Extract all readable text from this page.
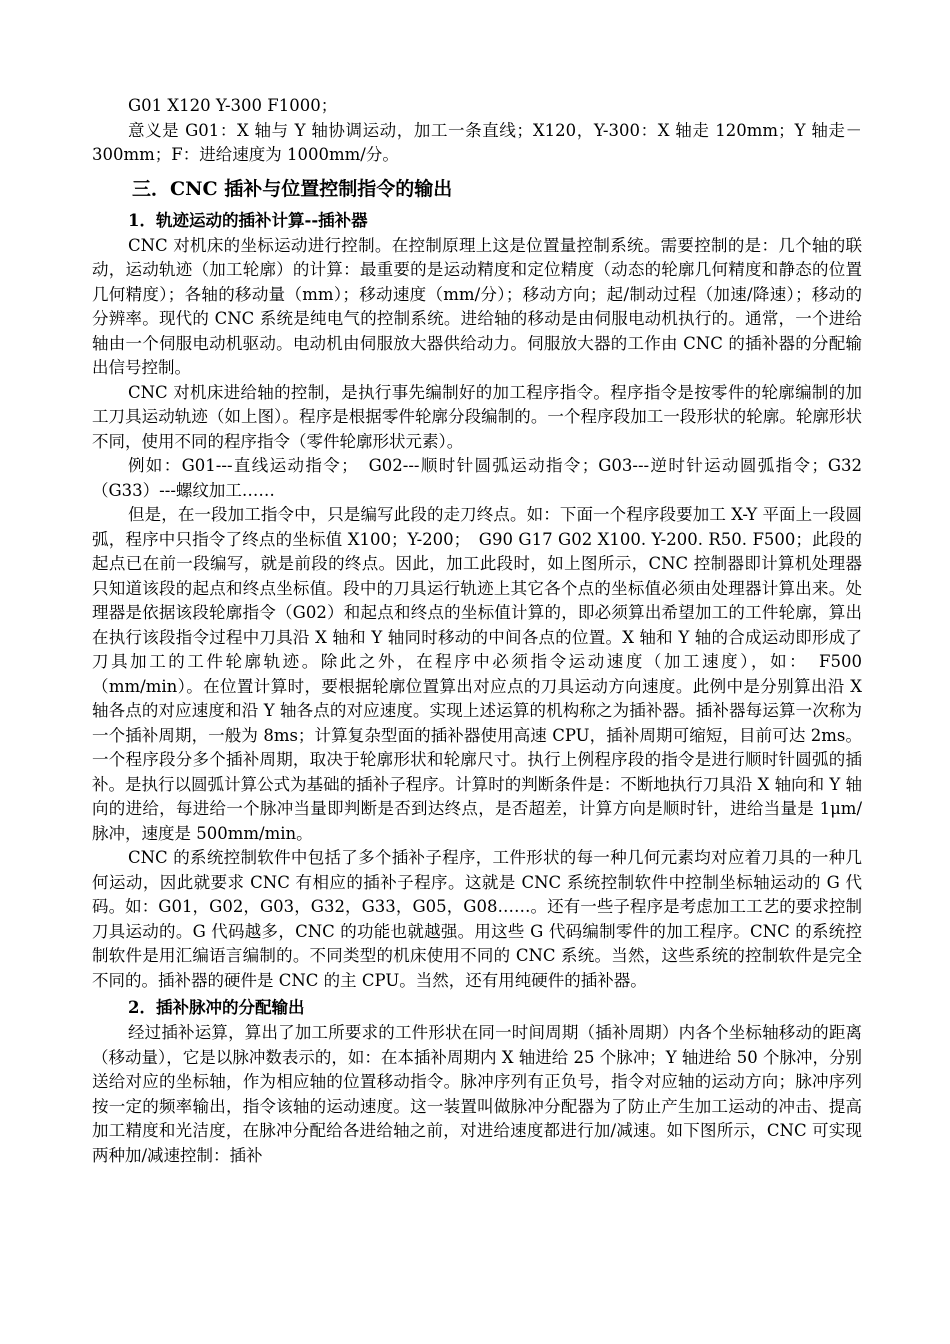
G01 X120 Y-300 F1000；

意义是 G01：X 轴与 Y 轴协调运动，加工一条直线；X120，Y-300：X 轴走 120mm；Y 轴走－300mm；F：进给速度为 1000mm/分。

三．CNC 插补与位置控制指令的输出
1．轨迹运动的插补计算--插补器

CNC 对机床的坐标运动进行控制。在控制原理上这是位置量控制系统。需要控制的是：几个轴的联动，运动轨迹（加工轮廓）的计算：最重要的是运动精度和定位精度（动态的轮廓几何精度和静态的位置几何精度）；各轴的移动量（mm）；移动速度（mm/分）；移动方向；起/制动过程（加速/降速）；移动的分辨率。现代的 CNC 系统是纯电气的控制系统。进给轴的移动是由伺服电动机执行的。通常，一个进给轴由一个伺服电动机驱动。电动机由伺服放大器供给动力。伺服放大器的工作由 CNC 的插补器的分配输出信号控制。

CNC 对机床进给轴的控制，是执行事先编制好的加工程序指令。程序指令是按零件的轮廓编制的加工刀具运动轨迹（如上图）。程序是根据零件轮廓分段编制的。一个程序段加工一段形状的轮廓。轮廓形状不同，使用不同的程序指令（零件轮廓形状元素）。

例如：G01---直线运动指令；　G02---顺时针圆弧运动指令；G03---逆时针运动圆弧指令；G32（G33）---螺纹加工……

但是，在一段加工指令中，只是编写此段的走刀终点。如：下面一个程序段要加工 X-Y 平面上一段圆弧，程序中只指令了终点的坐标值 X100；Y-200；　G90 G17 G02 X100. Y-200. R50. F500；此段的起点已在前一段编写，就是前段的终点。因此，加工此段时，如上图所示，CNC 控制器即计算机处理器只知道该段的起点和终点坐标值。段中的刀具运行轨迹上其它各个点的坐标值必须由处理器计算出来。处理器是依据该段轮廓指令（G02）和起点和终点的坐标值计算的，即必须算出希望加工的工件轮廓，算出在执行该段指令过程中刀具沿 X 轴和 Y 轴同时移动的中间各点的位置。X 轴和 Y 轴的合成运动即形成了刀具加工的工件轮廓轨迹。除此之外，在程序中必须指令运动速度（加工速度），如：　F500（mm/min）。在位置计算时，要根据轮廓位置算出对应点的刀具运动方向速度。此例中是分别算出沿 X 轴各点的对应速度和沿 Y 轴各点的对应速度。实现上述运算的机构称之为插补器。插补器每运算一次称为一个插补周期，一般为 8ms；计算复杂型面的插补器使用高速 CPU，插补周期可缩短，目前可达 2ms。一个程序段分多个插补周期，取决于轮廓形状和轮廓尺寸。执行上例程序段的指令是进行顺时针圆弧的插补。是执行以圆弧计算公式为基础的插补子程序。计算时的判断条件是：不断地执行刀具沿 X 轴向和 Y 轴向的进给，每进给一个脉冲当量即判断是否到达终点，是否超差，计算方向是顺时针，进给当量是 1μm/脉冲，速度是 500mm/min。

CNC 的系统控制软件中包括了多个插补子程序，工件形状的每一种几何元素均对应着刀具的一种几何运动，因此就要求 CNC 有相应的插补子程序。这就是 CNC 系统控制软件中控制坐标轴运动的 G 代码。如：G01，G02，G03，G32，G33，G05，G08……。还有一些子程序是考虑加工工艺的要求控制刀具运动的。G 代码越多，CNC 的功能也就越强。用这些 G 代码编制零件的加工程序。CNC 的系统控制软件是用汇编语言编制的。不同类型的机床使用不同的 CNC 系统。当然，这些系统的控制软件是完全不同的。插补器的硬件是 CNC 的主 CPU。当然，还有用纯硬件的插补器。

2．插补脉冲的分配输出

经过插补运算，算出了加工所要求的工件形状在同一时间周期（插补周期）内各个坐标轴移动的距离（移动量），它是以脉冲数表示的，如：在本插补周期内 X 轴进给 25 个脉冲；Y 轴进给 50 个脉冲，分别送给对应的坐标轴，作为相应轴的位置移动指令。脉冲序列有正负号，指令对应轴的运动方向；脉冲序列按一定的频率输出，指令该轴的运动速度。这一装置叫做脉冲分配器为了防止产生加工运动的冲击、提高加工精度和光洁度，在脉冲分配给各进给轴之前，对进给速度都进行加/减速。如下图所示，CNC 可实现两种加/减速控制：插补
